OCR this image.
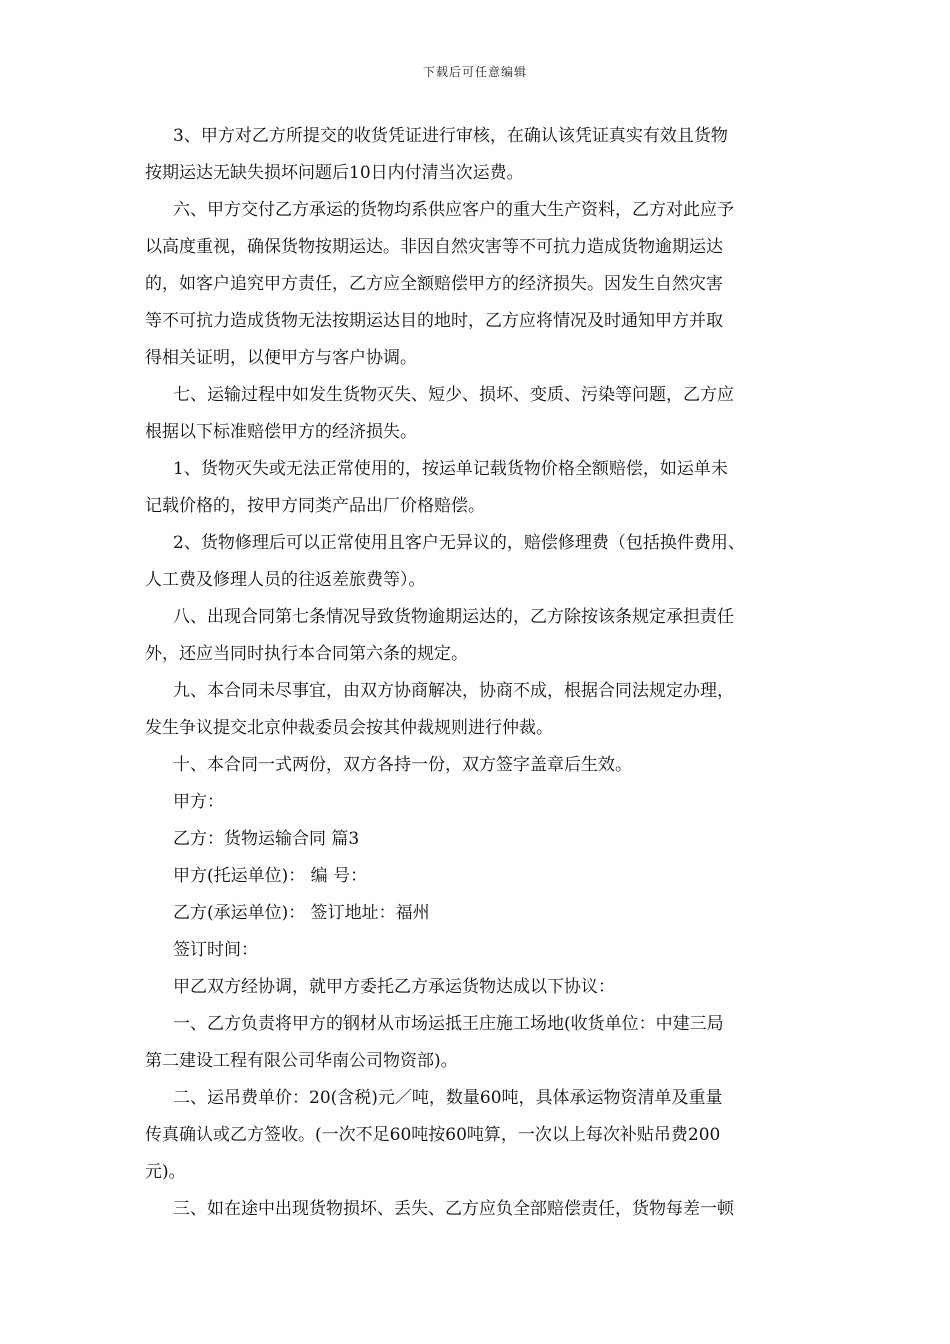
下载后可任意编辑

3、甲方对乙方所提交的收货凭证进行审核，在确认该凭证真实有效且货物

按期运达无缺失损坏问题后10日内付清当次运费。

六、甲方交付乙方承运的货物均系供应客户的重大生产资料，乙方对此应予

以高度重视，确保货物按期运达。非因自然灾害等不可抗力造成货物逾期运达

的，如客户追究甲方责任，乙方应全额赔偿甲方的经济损失。因发生自然灾害

等不可抗力造成货物无法按期运达目的地时，乙方应将情况及时通知甲方并取

得相关证明，以便甲方与客户协调。

七、运输过程中如发生货物灭失、短少、损坏、变质、污染等问题，乙方应

根据以下标准赔偿甲方的经济损失。

1、货物灭失或无法正常使用的，按运单记载货物价格全额赔偿，如运单未

记载价格的，按甲方同类产品出厂价格赔偿。

2、货物修理后可以正常使用且客户无异议的，赔偿修理费（包括换件费用、

人工费及修理人员的往返差旅费等）。

八、出现合同第七条情况导致货物逾期运达的，乙方除按该条规定承担责任

外，还应当同时执行本合同第六条的规定。

九、本合同未尽事宜，由双方协商解决，协商不成，根据合同法规定办理，

发生争议提交北京仲裁委员会按其仲裁规则进行仲裁。

十、本合同一式两份，双方各持一份，双方签字盖章后生效。

甲方：

乙方：货物运输合同 篇3

甲方(托运单位)： 编 号：

乙方(承运单位)： 签订地址：福州

签订时间：

甲乙双方经协调，就甲方委托乙方承运货物达成以下协议：

一、乙方负责将甲方的钢材从市场运抵王庄施工场地(收货单位：中建三局

第二建设工程有限公司华南公司物资部)。

二、运吊费单价：20(含税)元／吨，数量60吨，具体承运物资清单及重量

传真确认或乙方签收。(一次不足60吨按60吨算，一次以上每次补贴吊费200

元)。

三、如在途中出现货物损坏、丢失、乙方应负全部赔偿责任，货物每差一顿
